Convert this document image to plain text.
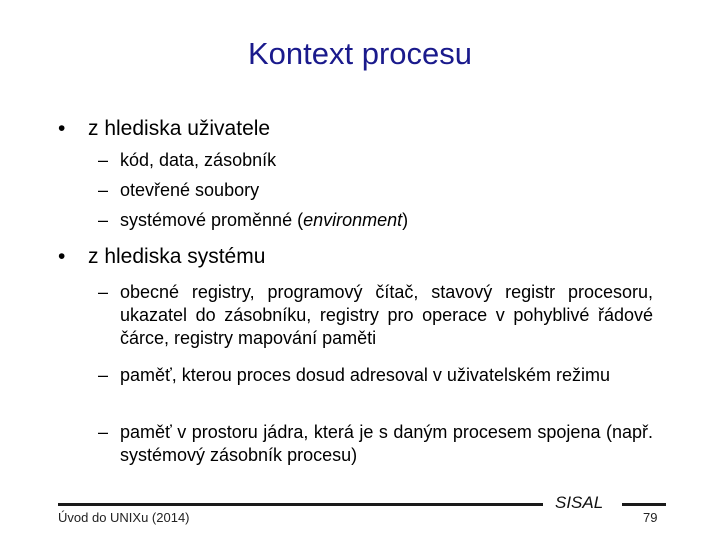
Kontext procesu
• z hlediska uživatele
– kód, data, zásobník
– otevřené soubory
– systémové proměnné (environment)
• z hlediska systému
– obecné registry, programový čítač, stavový registr procesoru, ukazatel do zásobníku, registry pro operace v pohyblivé řádové čárce, registry mapování paměti
– paměť, kterou proces dosud adresoval v uživatelském režimu
– paměť v prostoru jádra, která je s daným procesem spojena (např. systémový zásobník procesu)
Úvod do UNIXu (2014)
SISAL
79
